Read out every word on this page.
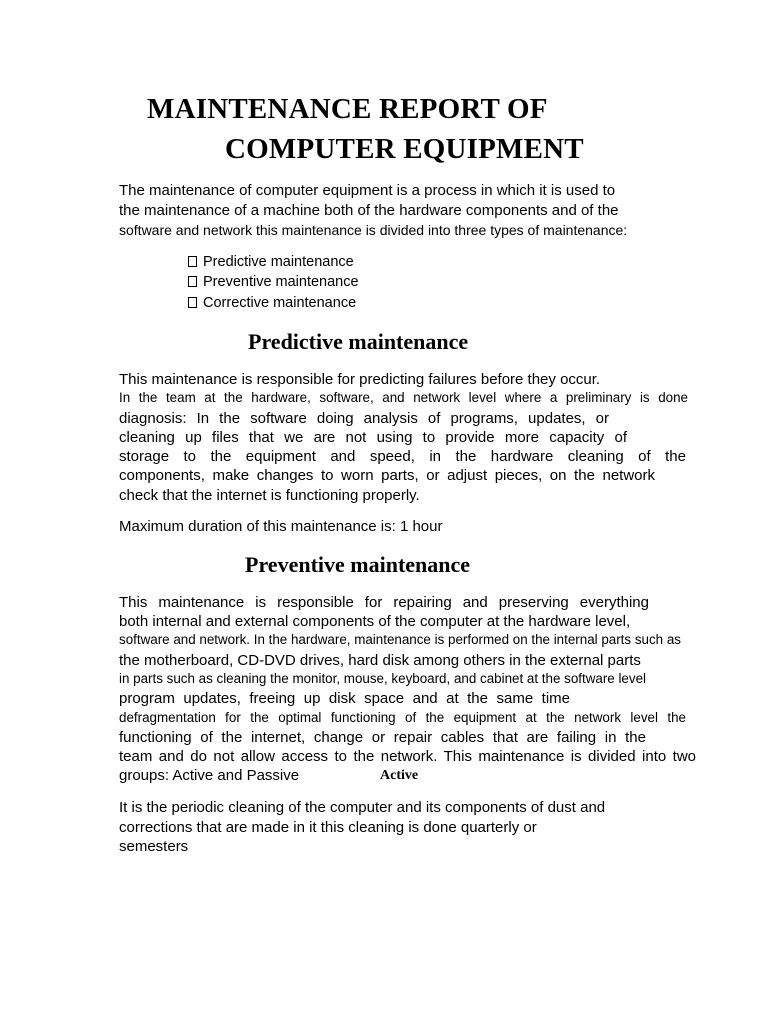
MAINTENANCE REPORT OF
COMPUTER EQUIPMENT
The maintenance of computer equipment is a process in which it is used to
the maintenance of a machine both of the hardware components and of the
software and network this maintenance is divided into three types of maintenance:
Predictive maintenance
Preventive maintenance
Corrective maintenance
Predictive maintenance
This maintenance is responsible for predicting failures before they occur.
In the team at the hardware, software, and network level where a preliminary is done
diagnosis: In the software doing analysis of programs, updates, or
cleaning up files that we are not using to provide more capacity of
storage to the equipment and speed, in the hardware cleaning of the
components, make changes to worn parts, or adjust pieces, on the network
check that the internet is functioning properly.
Maximum duration of this maintenance is: 1 hour
Preventive maintenance
This maintenance is responsible for repairing and preserving everything
both internal and external components of the computer at the hardware level,
software and network. In the hardware, maintenance is performed on the internal parts such as
the motherboard, CD-DVD drives, hard disk among others in the external parts
in parts such as cleaning the monitor, mouse, keyboard, and cabinet at the software level
program updates, freeing up disk space and at the same time
defragmentation for the optimal functioning of the equipment at the network level the
functioning of the internet, change or repair cables that are failing in the
team and do not allow access to the network. This maintenance is divided into two
groups: Active and Passive	Active
It is the periodic cleaning of the computer and its components of dust and
corrections that are made in it this cleaning is done quarterly or
semesters
